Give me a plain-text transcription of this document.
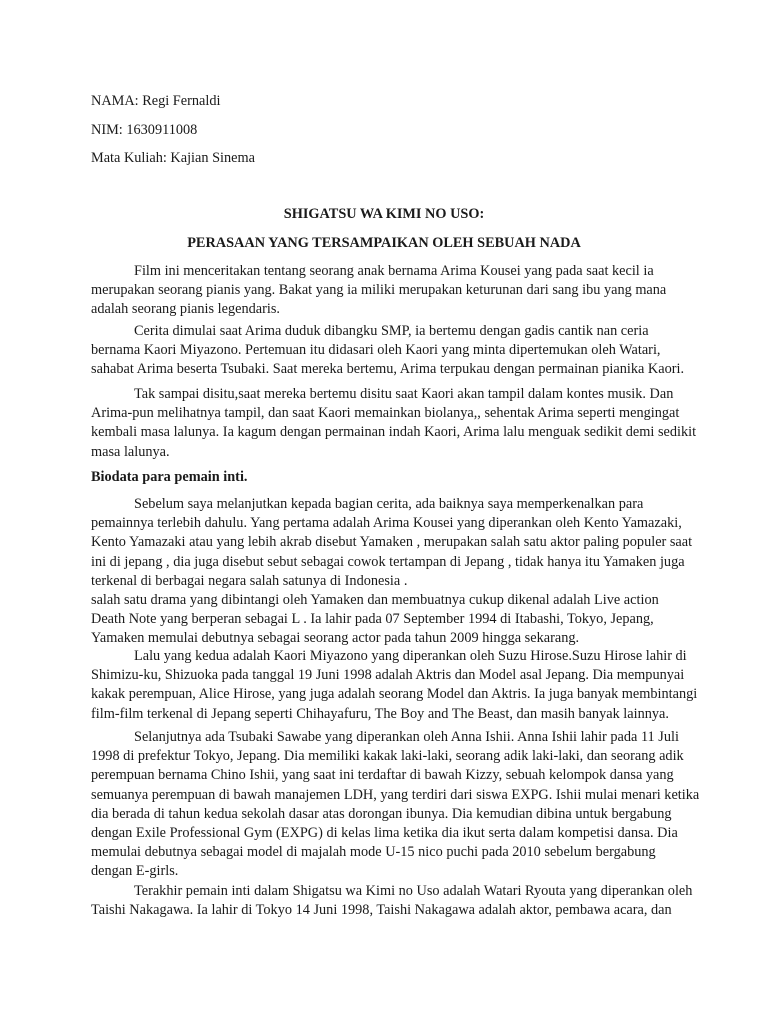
NAMA: Regi Fernaldi
NIM: 1630911008
Mata Kuliah: Kajian Sinema
SHIGATSU WA KIMI NO USO:
PERASAAN YANG TERSAMPAIKAN OLEH SEBUAH NADA
Film ini menceritakan tentang seorang anak bernama Arima Kousei yang pada saat kecil ia
merupakan seorang pianis yang. Bakat yang ia miliki merupakan keturunan dari sang ibu yang mana
adalah seorang pianis legendaris.
Cerita dimulai saat Arima duduk dibangku SMP, ia bertemu dengan gadis cantik nan ceria
bernama Kaori Miyazono. Pertemuan itu didasari oleh Kaori yang minta dipertemukan oleh Watari,
sahabat Arima beserta Tsubaki. Saat mereka bertemu, Arima terpukau dengan permainan pianika Kaori.
Tak sampai disitu,saat mereka bertemu disitu saat Kaori akan tampil dalam kontes musik. Dan
Arima-pun melihatnya tampil, dan saat Kaori memainkan biolanya,, sehentak Arima seperti mengingat
kembali masa lalunya. Ia kagum dengan permainan indah Kaori, Arima lalu menguak sedikit demi sedikit
masa lalunya.
Biodata para pemain inti.
Sebelum saya melanjutkan kepada bagian cerita, ada baiknya saya memperkenalkan para
pemainnya terlebih dahulu. Yang pertama adalah Arima Kousei yang diperankan oleh Kento Yamazaki,
Kento Yamazaki atau yang lebih akrab disebut Yamaken , merupakan salah satu aktor paling populer saat
ini di jepang , dia juga disebut sebut sebagai cowok tertampan di Jepang , tidak hanya itu Yamaken juga
terkenal di berbagai negara salah satunya di Indonesia .
salah satu drama yang dibintangi oleh Yamaken dan membuatnya cukup dikenal adalah Live action
Death Note yang berperan sebagai L . Ia lahir pada 07 September 1994 di Itabashi, Tokyo, Jepang,
Yamaken memulai debutnya sebagai seorang actor pada tahun 2009 hingga sekarang.
Lalu yang kedua adalah Kaori Miyazono yang diperankan oleh Suzu Hirose.Suzu Hirose lahir di
Shimizu-ku, Shizuoka pada tanggal 19 Juni 1998 adalah Aktris dan Model asal Jepang. Dia mempunyai
kakak perempuan, Alice Hirose, yang juga adalah seorang Model dan Aktris. Ia juga banyak membintangi
film-film terkenal di Jepang seperti Chihayafuru, The Boy and The Beast, dan masih banyak lainnya.
Selanjutnya ada Tsubaki Sawabe yang diperankan oleh Anna Ishii. Anna Ishii lahir pada 11 Juli
1998 di prefektur Tokyo, Jepang. Dia memiliki kakak laki-laki, seorang adik laki-laki, dan seorang adik
perempuan bernama Chino Ishii, yang saat ini terdaftar di bawah Kizzy, sebuah kelompok dansa yang
semuanya perempuan di bawah manajemen LDH, yang terdiri dari siswa EXPG. Ishii mulai menari ketika
dia berada di tahun kedua sekolah dasar atas dorongan ibunya. Dia kemudian dibina untuk bergabung
dengan Exile Professional Gym (EXPG) di kelas lima ketika dia ikut serta dalam kompetisi dansa. Dia
memulai debutnya sebagai model di majalah mode U-15 nico puchi pada 2010 sebelum bergabung
dengan E-girls.
Terakhir pemain inti dalam Shigatsu wa Kimi no Uso adalah Watari Ryouta yang diperankan oleh
Taishi Nakagawa. Ia lahir di Tokyo 14 Juni 1998, Taishi Nakagawa adalah aktor, pembawa acara, dan
